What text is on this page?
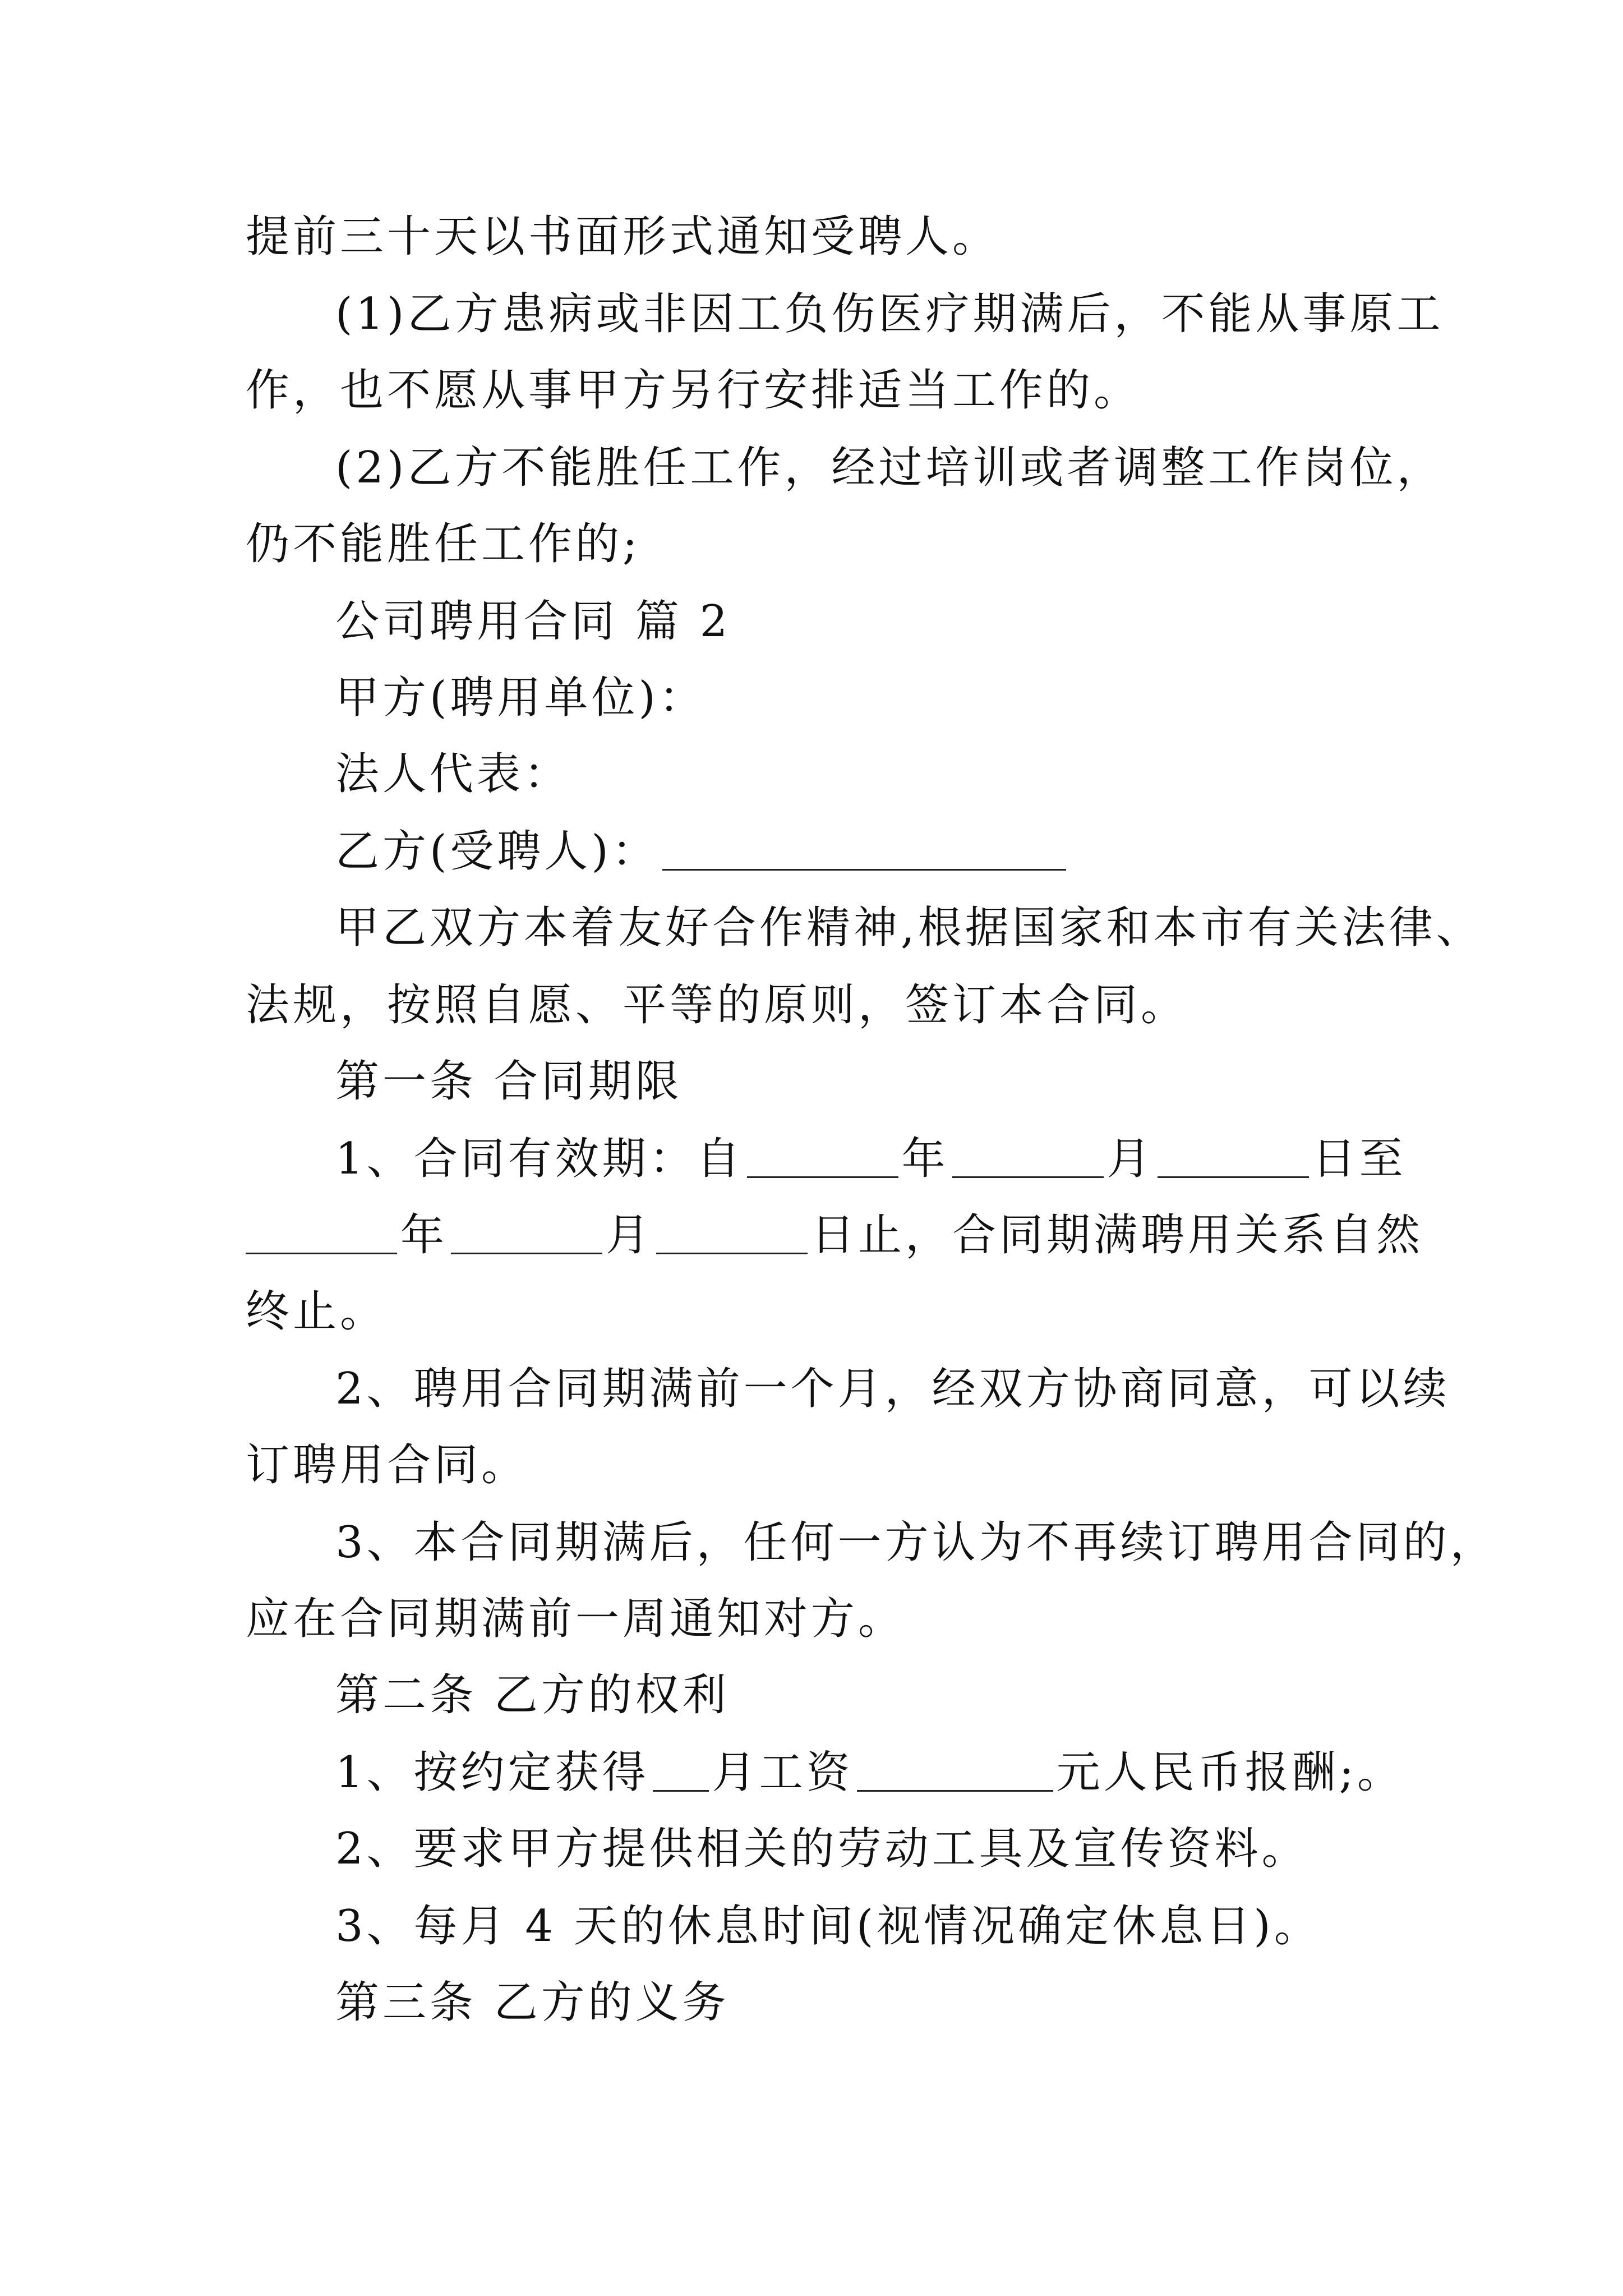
提前三十天以书面形式通知受聘人。
(1)乙方患病或非因工负伤医疗期满后，不能从事原工
作，也不愿从事甲方另行安排适当工作的。
(2)乙方不能胜任工作，经过培训或者调整工作岗位，
仍不能胜任工作的;
公司聘用合同 篇 2
甲方(聘用单位)：
法人代表：
乙方(受聘人)：
甲乙双方本着友好合作精神,根据国家和本市有关法律、
法规，按照自愿、平等的原则，签订本合同。
第一条 合同期限
1、合同有效期：自	年	月	日至
年	月	日止，合同期满聘用关系自然
终止。
2、聘用合同期满前一个月，经双方协商同意，可以续
订聘用合同。
3、本合同期满后，任何一方认为不再续订聘用合同的，
应在合同期满前一周通知对方。
第二条 乙方的权利
1、按约定获得 月工资	元人民币报酬;。
2、要求甲方提供相关的劳动工具及宣传资料。
3、每月 4 天的休息时间(视情况确定休息日)。
第三条 乙方的义务
